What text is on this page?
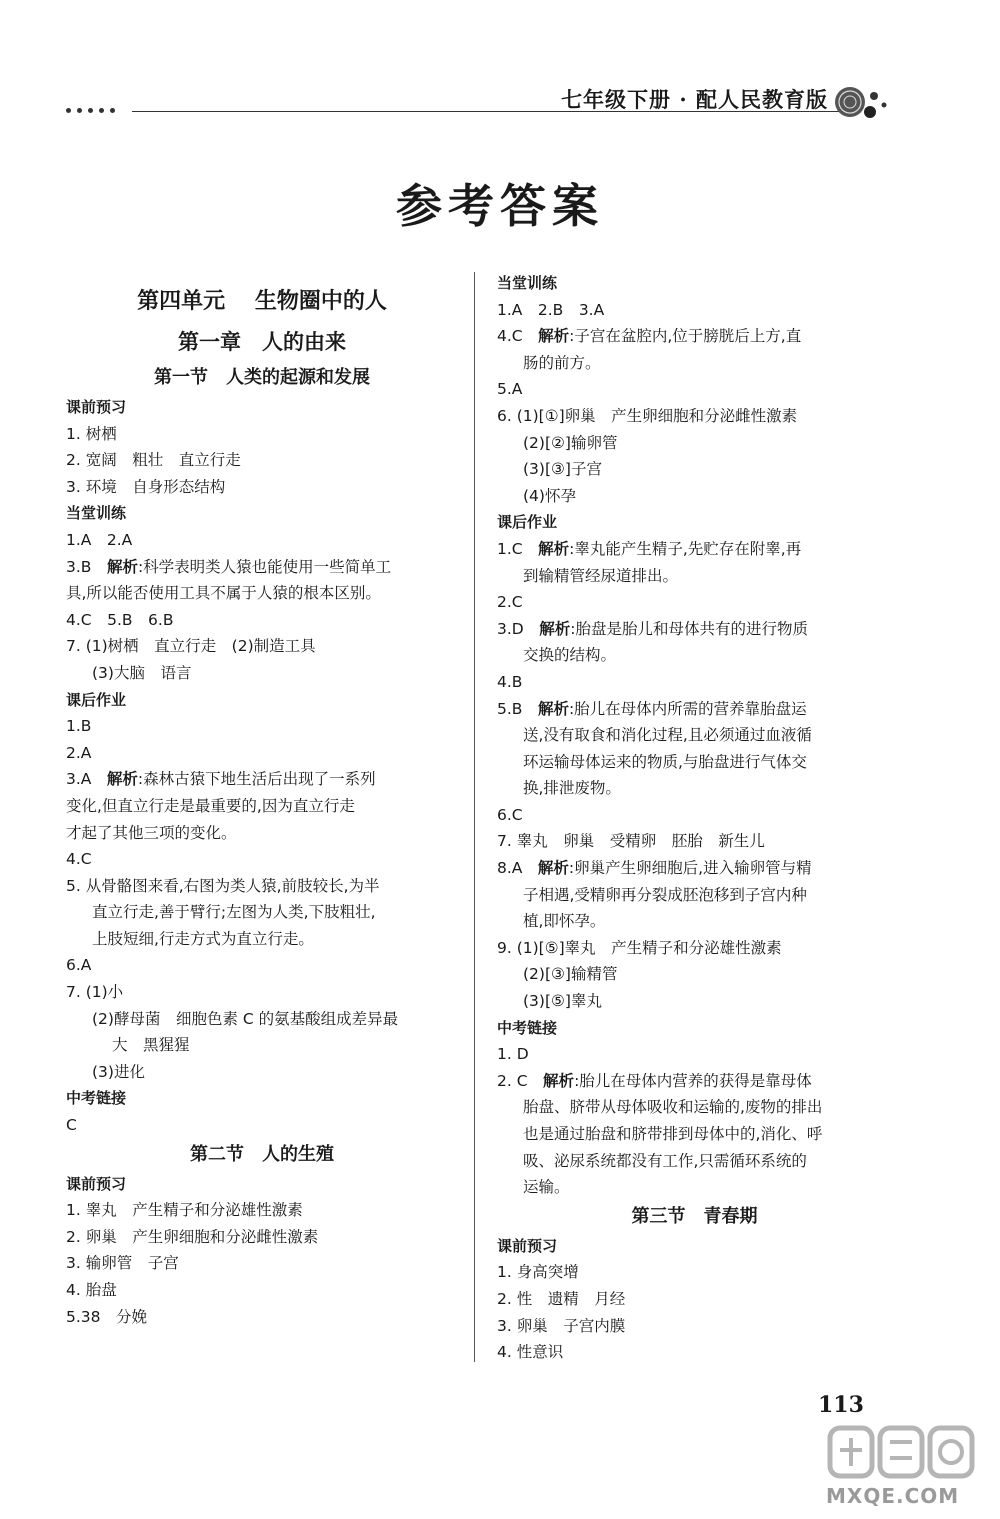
七年级下册 · 配人民教育版
参考答案
第四单元　 生物圈中的人
第一章　人的由来
第一节　人类的起源和发展
课前预习
1. 树栖
2. 宽阔　粗壮　直立行走
3. 环境　自身形态结构
当堂训练
1.A　2.A
3.B　解析:科学表明类人猿也能使用一些简单工
具,所以能否使用工具不属于人猿的根本区别。
4.C　5.B　6.B
7. (1)树栖　直立行走　(2)制造工具
(3)大脑　语言
课后作业
1.B
2.A
3.A　解析:森林古猿下地生活后出现了一系列
变化,但直立行走是最重要的,因为直立行走
才起了其他三项的变化。
4.C
5. 从骨骼图来看,右图为类人猿,前肢较长,为半
直立行走,善于臂行;左图为人类,下肢粗壮,
上肢短细,行走方式为直立行走。
6.A
7. (1)小
(2)酵母菌　细胞色素 C 的氨基酸组成差异最
大　黑猩猩
(3)进化
中考链接
C
第二节　人的生殖
课前预习
1. 睾丸　产生精子和分泌雄性激素
2. 卵巢　产生卵细胞和分泌雌性激素
3. 输卵管　子宫
4. 胎盘
5.38　分娩
当堂训练
1.A　2.B　3.A
4.C　解析:子宫在盆腔内,位于膀胱后上方,直
肠的前方。
5.A
6. (1)[①]卵巢　产生卵细胞和分泌雌性激素
(2)[②]输卵管
(3)[③]子宫
(4)怀孕
课后作业
1.C　解析:睾丸能产生精子,先贮存在附睾,再
到输精管经尿道排出。
2.C
3.D　解析:胎盘是胎儿和母体共有的进行物质
交换的结构。
4.B
5.B　解析:胎儿在母体内所需的营养靠胎盘运
送,没有取食和消化过程,且必须通过血液循
环运输母体运来的物质,与胎盘进行气体交
换,排泄废物。
6.C
7. 睾丸　卵巢　受精卵　胚胎　新生儿
8.A　解析:卵巢产生卵细胞后,进入输卵管与精
子相遇,受精卵再分裂成胚泡移到子宫内种
植,即怀孕。
9. (1)[⑤]睾丸　产生精子和分泌雄性激素
(2)[③]输精管
(3)[⑤]睾丸
中考链接
1. D
2. C　解析:胎儿在母体内营养的获得是靠母体
胎盘、脐带从母体吸收和运输的,废物的排出
也是通过胎盘和脐带排到母体中的,消化、呼
吸、泌尿系统都没有工作,只需循环系统的
运输。
第三节　青春期
课前预习
1. 身高突增
2. 性　遗精　月经
3. 卵巢　子宫内膜
4. 性意识
113
MXQE.COM
